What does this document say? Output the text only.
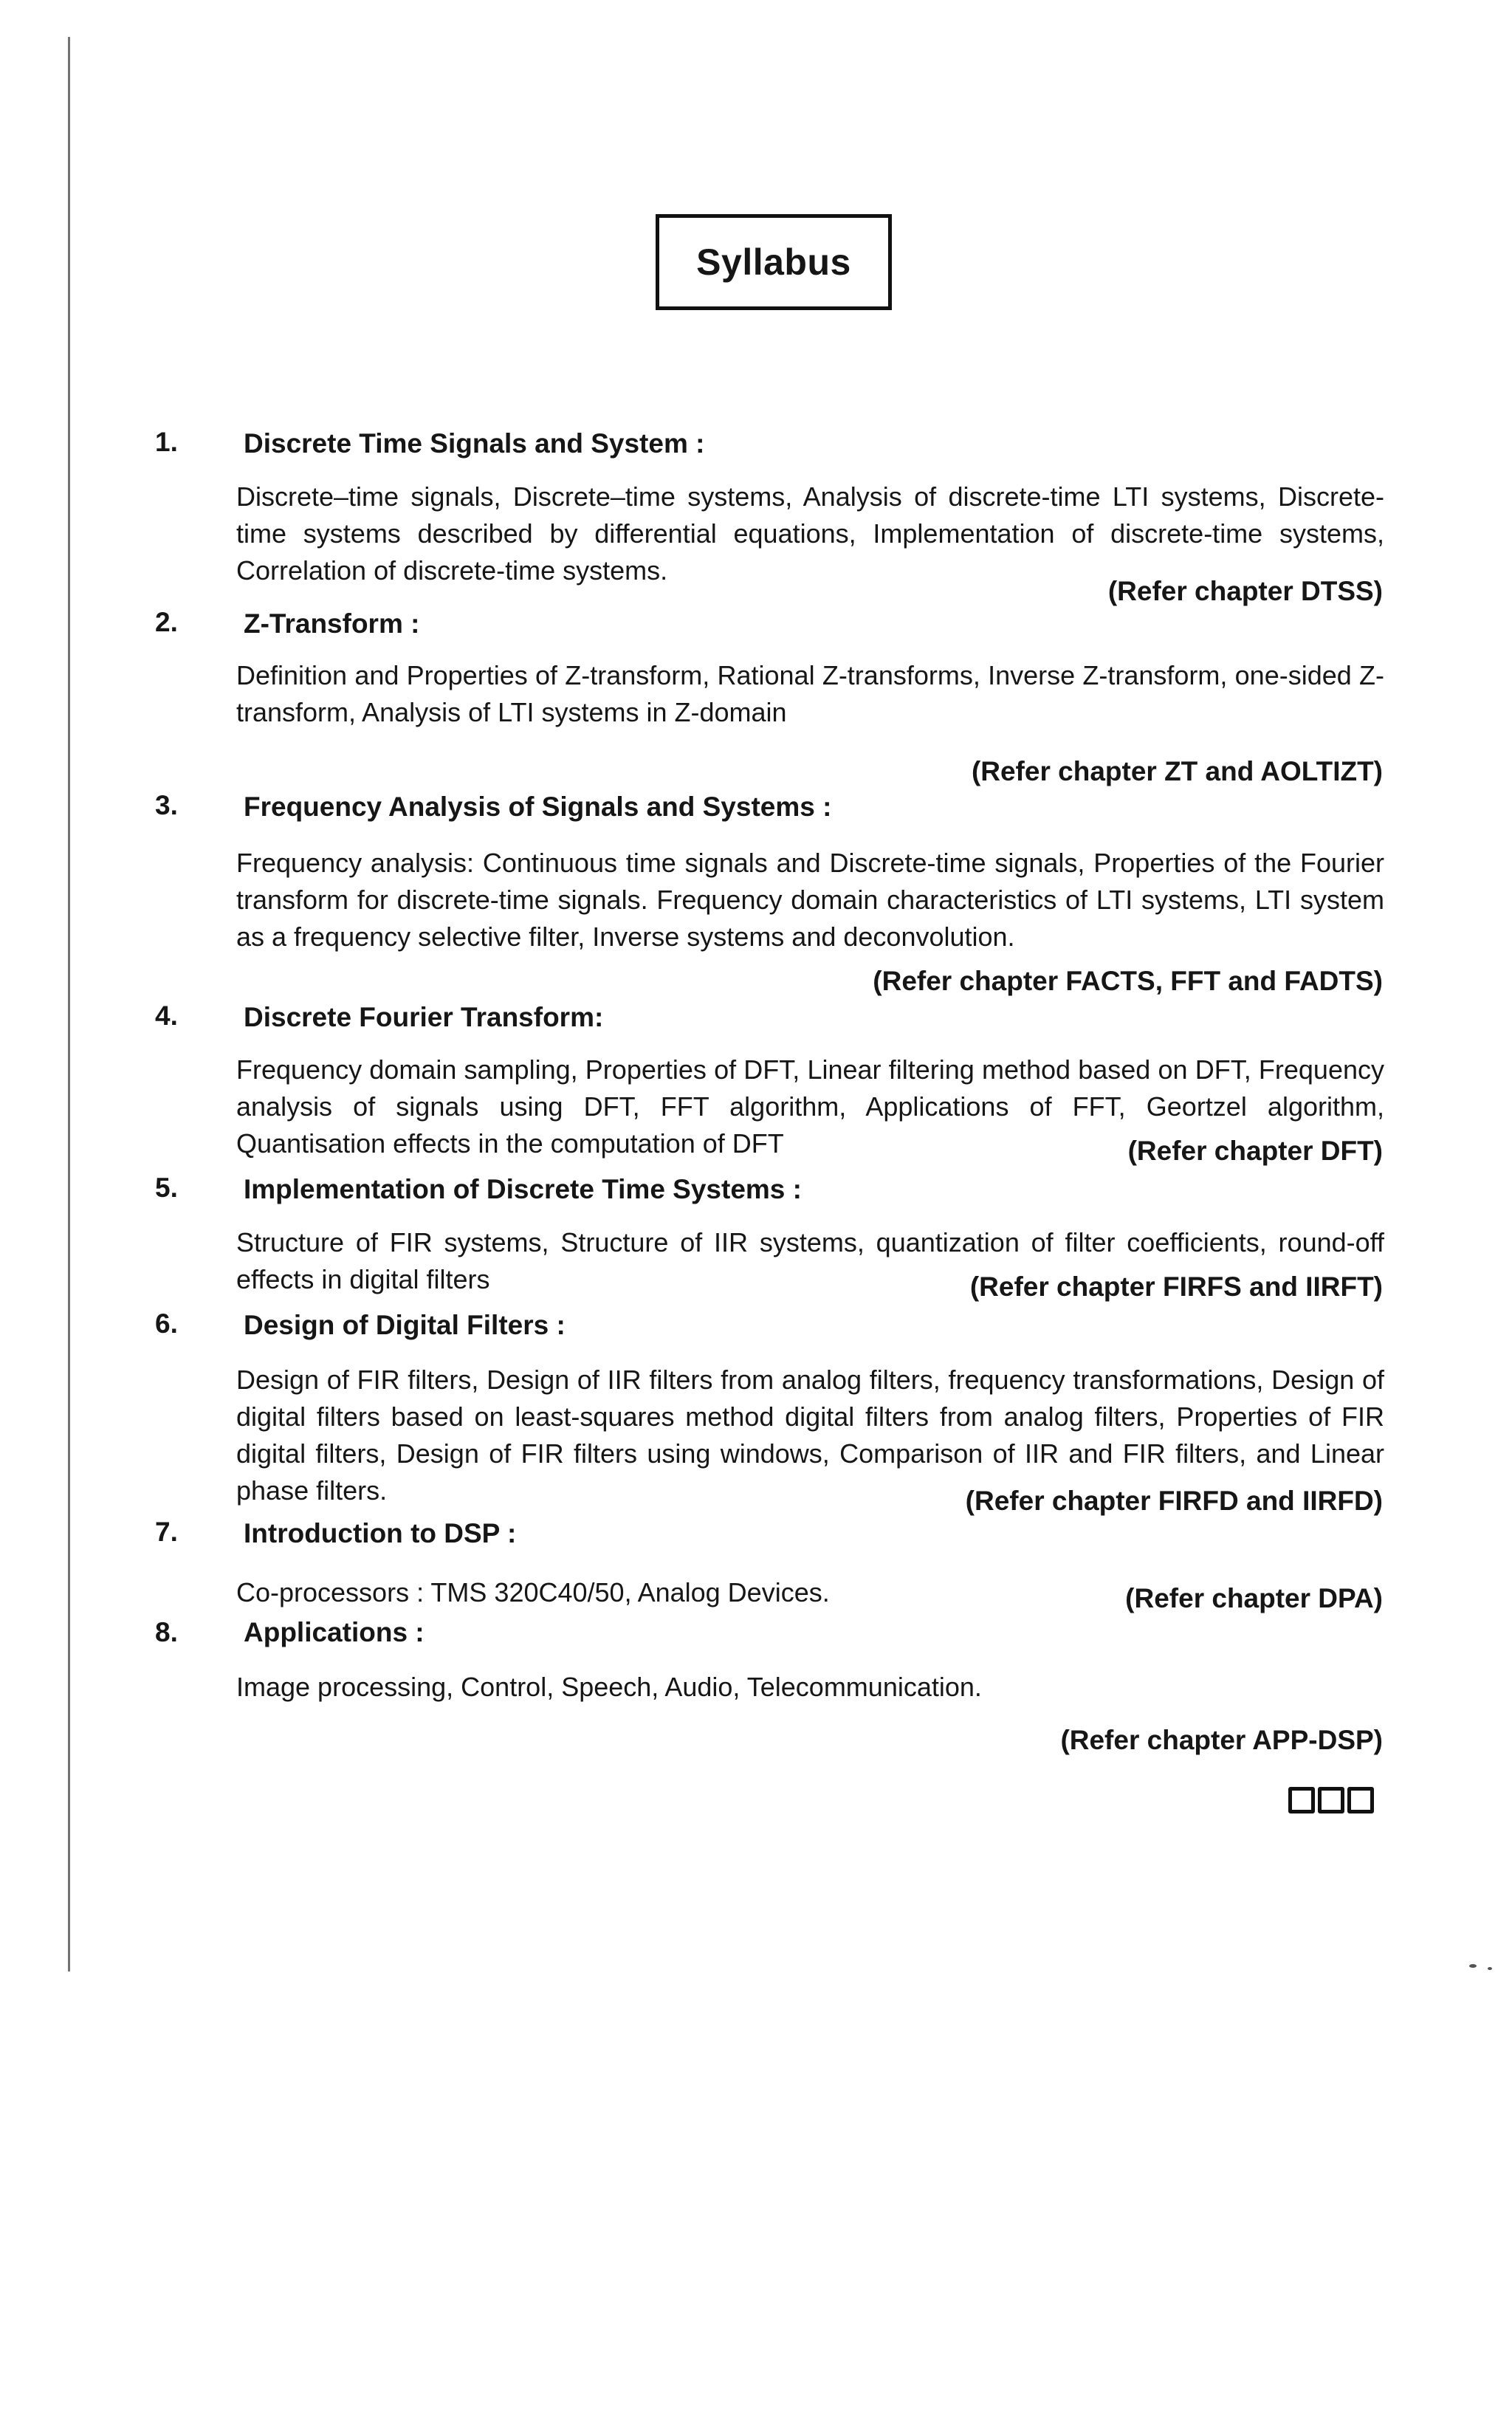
Syllabus
1.	Discrete Time Signals and System :
Discrete–time signals, Discrete–time systems, Analysis of discrete-time LTI systems, Discrete-time systems described by differential equations, Implementation of discrete-time systems, Correlation of discrete-time systems.
(Refer chapter DTSS)
2.	Z-Transform :
Definition and Properties of Z-transform, Rational Z-transforms, Inverse Z-transform, one-sided Z-transform, Analysis of LTI systems in Z-domain
(Refer chapter ZT and AOLTIZT)
3.	Frequency Analysis of Signals and Systems :
Frequency analysis: Continuous time signals and Discrete-time signals, Properties of the Fourier transform for discrete-time signals. Frequency domain characteristics of LTI systems, LTI system as a frequency selective filter, Inverse systems and deconvolution.
(Refer chapter FACTS, FFT and FADTS)
4.	Discrete Fourier Transform:
Frequency domain sampling, Properties of DFT, Linear filtering method based on DFT, Frequency analysis of signals using DFT, FFT algorithm, Applications of FFT, Geortzel algorithm, Quantisation effects in the computation of DFT	(Refer chapter DFT)
5.	Implementation of Discrete Time Systems :
Structure of FIR systems, Structure of IIR systems, quantization of filter coefficients, round-off effects in digital filters	(Refer chapter FIRFS and IIRFT)
6.	Design of Digital Filters :
Design of FIR filters, Design of IIR filters from analog filters, frequency transformations, Design of digital filters based on least-squares method digital filters from analog filters, Properties of FIR digital filters, Design of FIR filters using windows, Comparison of IIR and FIR filters, and Linear phase filters.	(Refer chapter FIRFD and IIRFD)
7.	Introduction to DSP :
Co-processors : TMS 320C40/50, Analog Devices.	(Refer chapter DPA)
8.	Applications :
Image processing, Control, Speech, Audio, Telecommunication.
(Refer chapter APP-DSP)
